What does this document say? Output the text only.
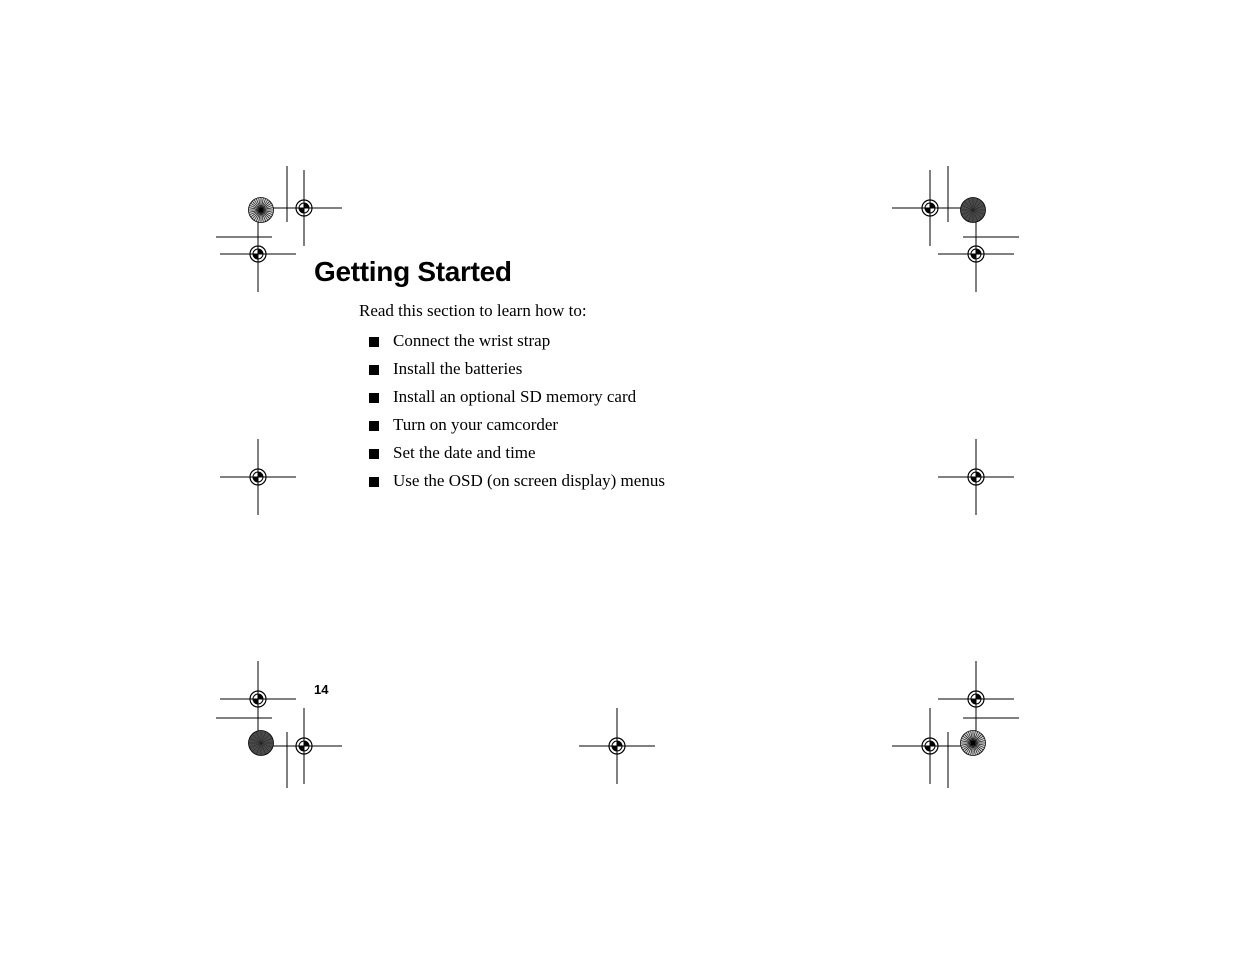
Getting Started
Read this section to learn how to:
Connect the wrist strap
Install the batteries
Install an optional SD memory card
Turn on your camcorder
Set the date and time
Use the OSD (on screen display) menus
14
